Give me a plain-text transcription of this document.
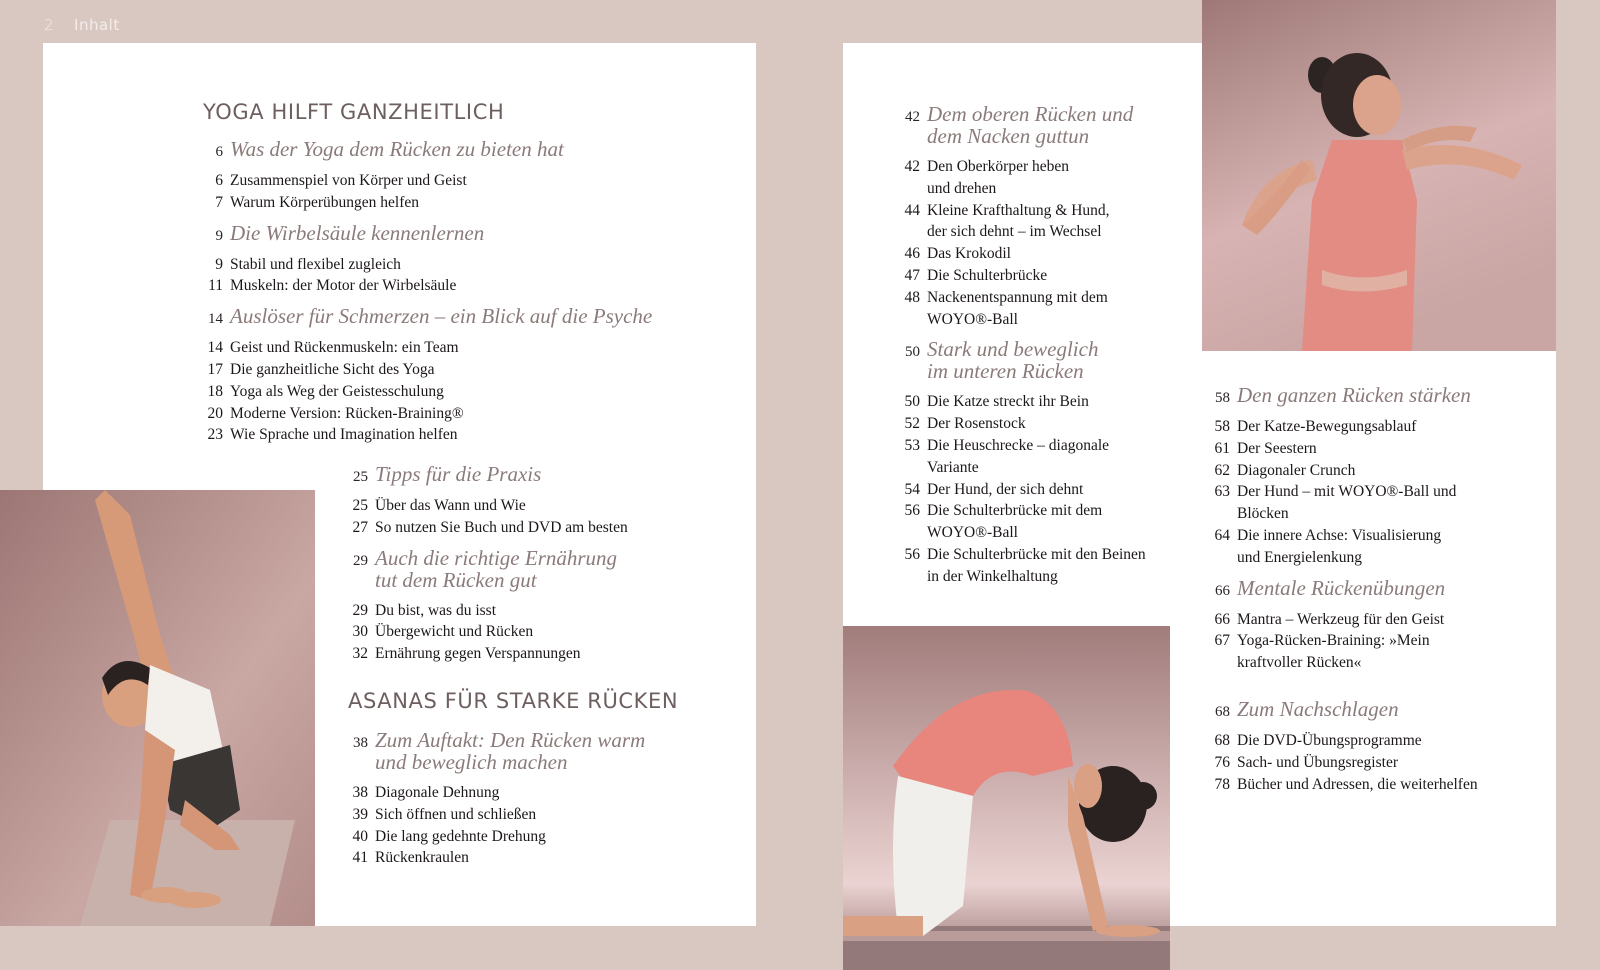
2 Inhalt
YOGA HILFT GANZHEITLICH
6 Was der Yoga dem Rücken zu bieten hat
6 Zusammenspiel von Körper und Geist
7 Warum Körperübungen helfen
9 Die Wirbelsäule kennenlernen
9 Stabil und flexibel zugleich
11 Muskeln: der Motor der Wirbelsäule
14 Auslöser für Schmerzen – ein Blick auf die Psyche
14 Geist und Rückenmuskeln: ein Team
17 Die ganzheitliche Sicht des Yoga
18 Yoga als Weg der Geistesschulung
20 Moderne Version: Rücken-Braining®
23 Wie Sprache und Imagination helfen
25 Tipps für die Praxis
25 Über das Wann und Wie
27 So nutzen Sie Buch und DVD am besten
29 Auch die richtige Ernährung
tut dem Rücken gut
29 Du bist, was du isst
30 Übergewicht und Rücken
32 Ernährung gegen Verspannungen
ASANAS FÜR STARKE RÜCKEN
38 Zum Auftakt: Den Rücken warm
und beweglich machen
38 Diagonale Dehnung
39 Sich öffnen und schließen
40 Die lang gedehnte Drehung
41 Rückenkraulen
42 Dem oberen Rücken und
dem Nacken guttun
42 Den Oberkörper heben
und drehen
44 Kleine Krafthaltung & Hund,
der sich dehnt – im Wechsel
46 Das Krokodil
47 Die Schulterbrücke
48 Nackenentspannung mit dem
WOYO®-Ball
50 Stark und beweglich
im unteren Rücken
50 Die Katze streckt ihr Bein
52 Der Rosenstock
53 Die Heuschrecke – diagonale
Variante
54 Der Hund, der sich dehnt
56 Die Schulterbrücke mit dem
WOYO®-Ball
56 Die Schulterbrücke mit den Beinen
in der Winkelhaltung
58 Den ganzen Rücken stärken
58 Der Katze-Bewegungsablauf
61 Der Seestern
62 Diagonaler Crunch
63 Der Hund – mit WOYO®-Ball und
Blöcken
64 Die innere Achse: Visualisierung
und Energielenkung
66 Mentale Rückenübungen
66 Mantra – Werkzeug für den Geist
67 Yoga-Rücken-Braining: »Mein
kraftvoller Rücken«
68 Zum Nachschlagen
68 Die DVD-Übungsprogramme
76 Sach- und Übungsregister
78 Bücher und Adressen, die weiterhelfen
